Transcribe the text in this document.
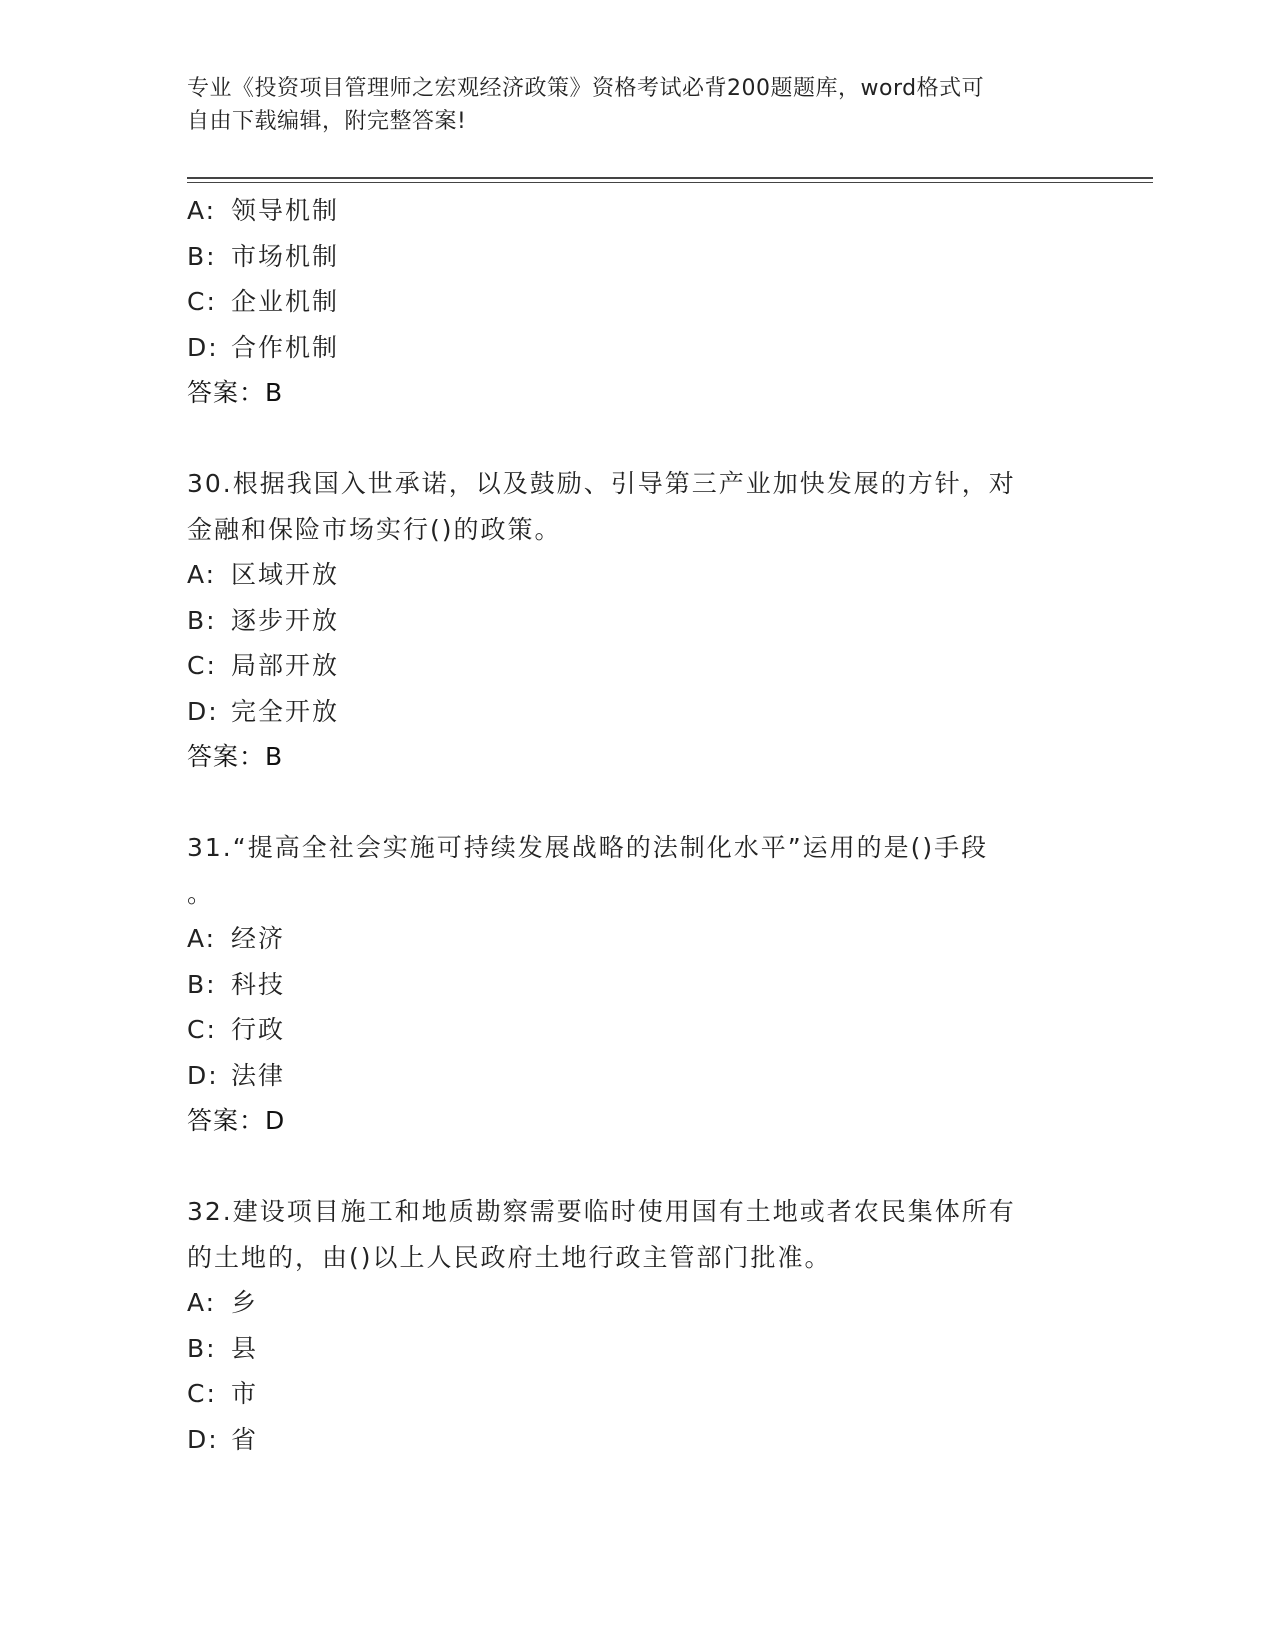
专业《投资项目管理师之宏观经济政策》资格考试必背200题题库，word格式可
自由下载编辑，附完整答案!
A: 领导机制
B: 市场机制
C: 企业机制
D: 合作机制
答案：B
30.根据我国入世承诺，以及鼓励、引导第三产业加快发展的方针，对
金融和保险市场实行()的政策。
A: 区域开放
B: 逐步开放
C: 局部开放
D: 完全开放
答案：B
31.“提高全社会实施可持续发展战略的法制化水平”运用的是()手段
。
A: 经济
B: 科技
C: 行政
D: 法律
答案：D
32.建设项目施工和地质勘察需要临时使用国有土地或者农民集体所有
的土地的，由()以上人民政府土地行政主管部门批准。
A: 乡
B: 县
C: 市
D: 省
